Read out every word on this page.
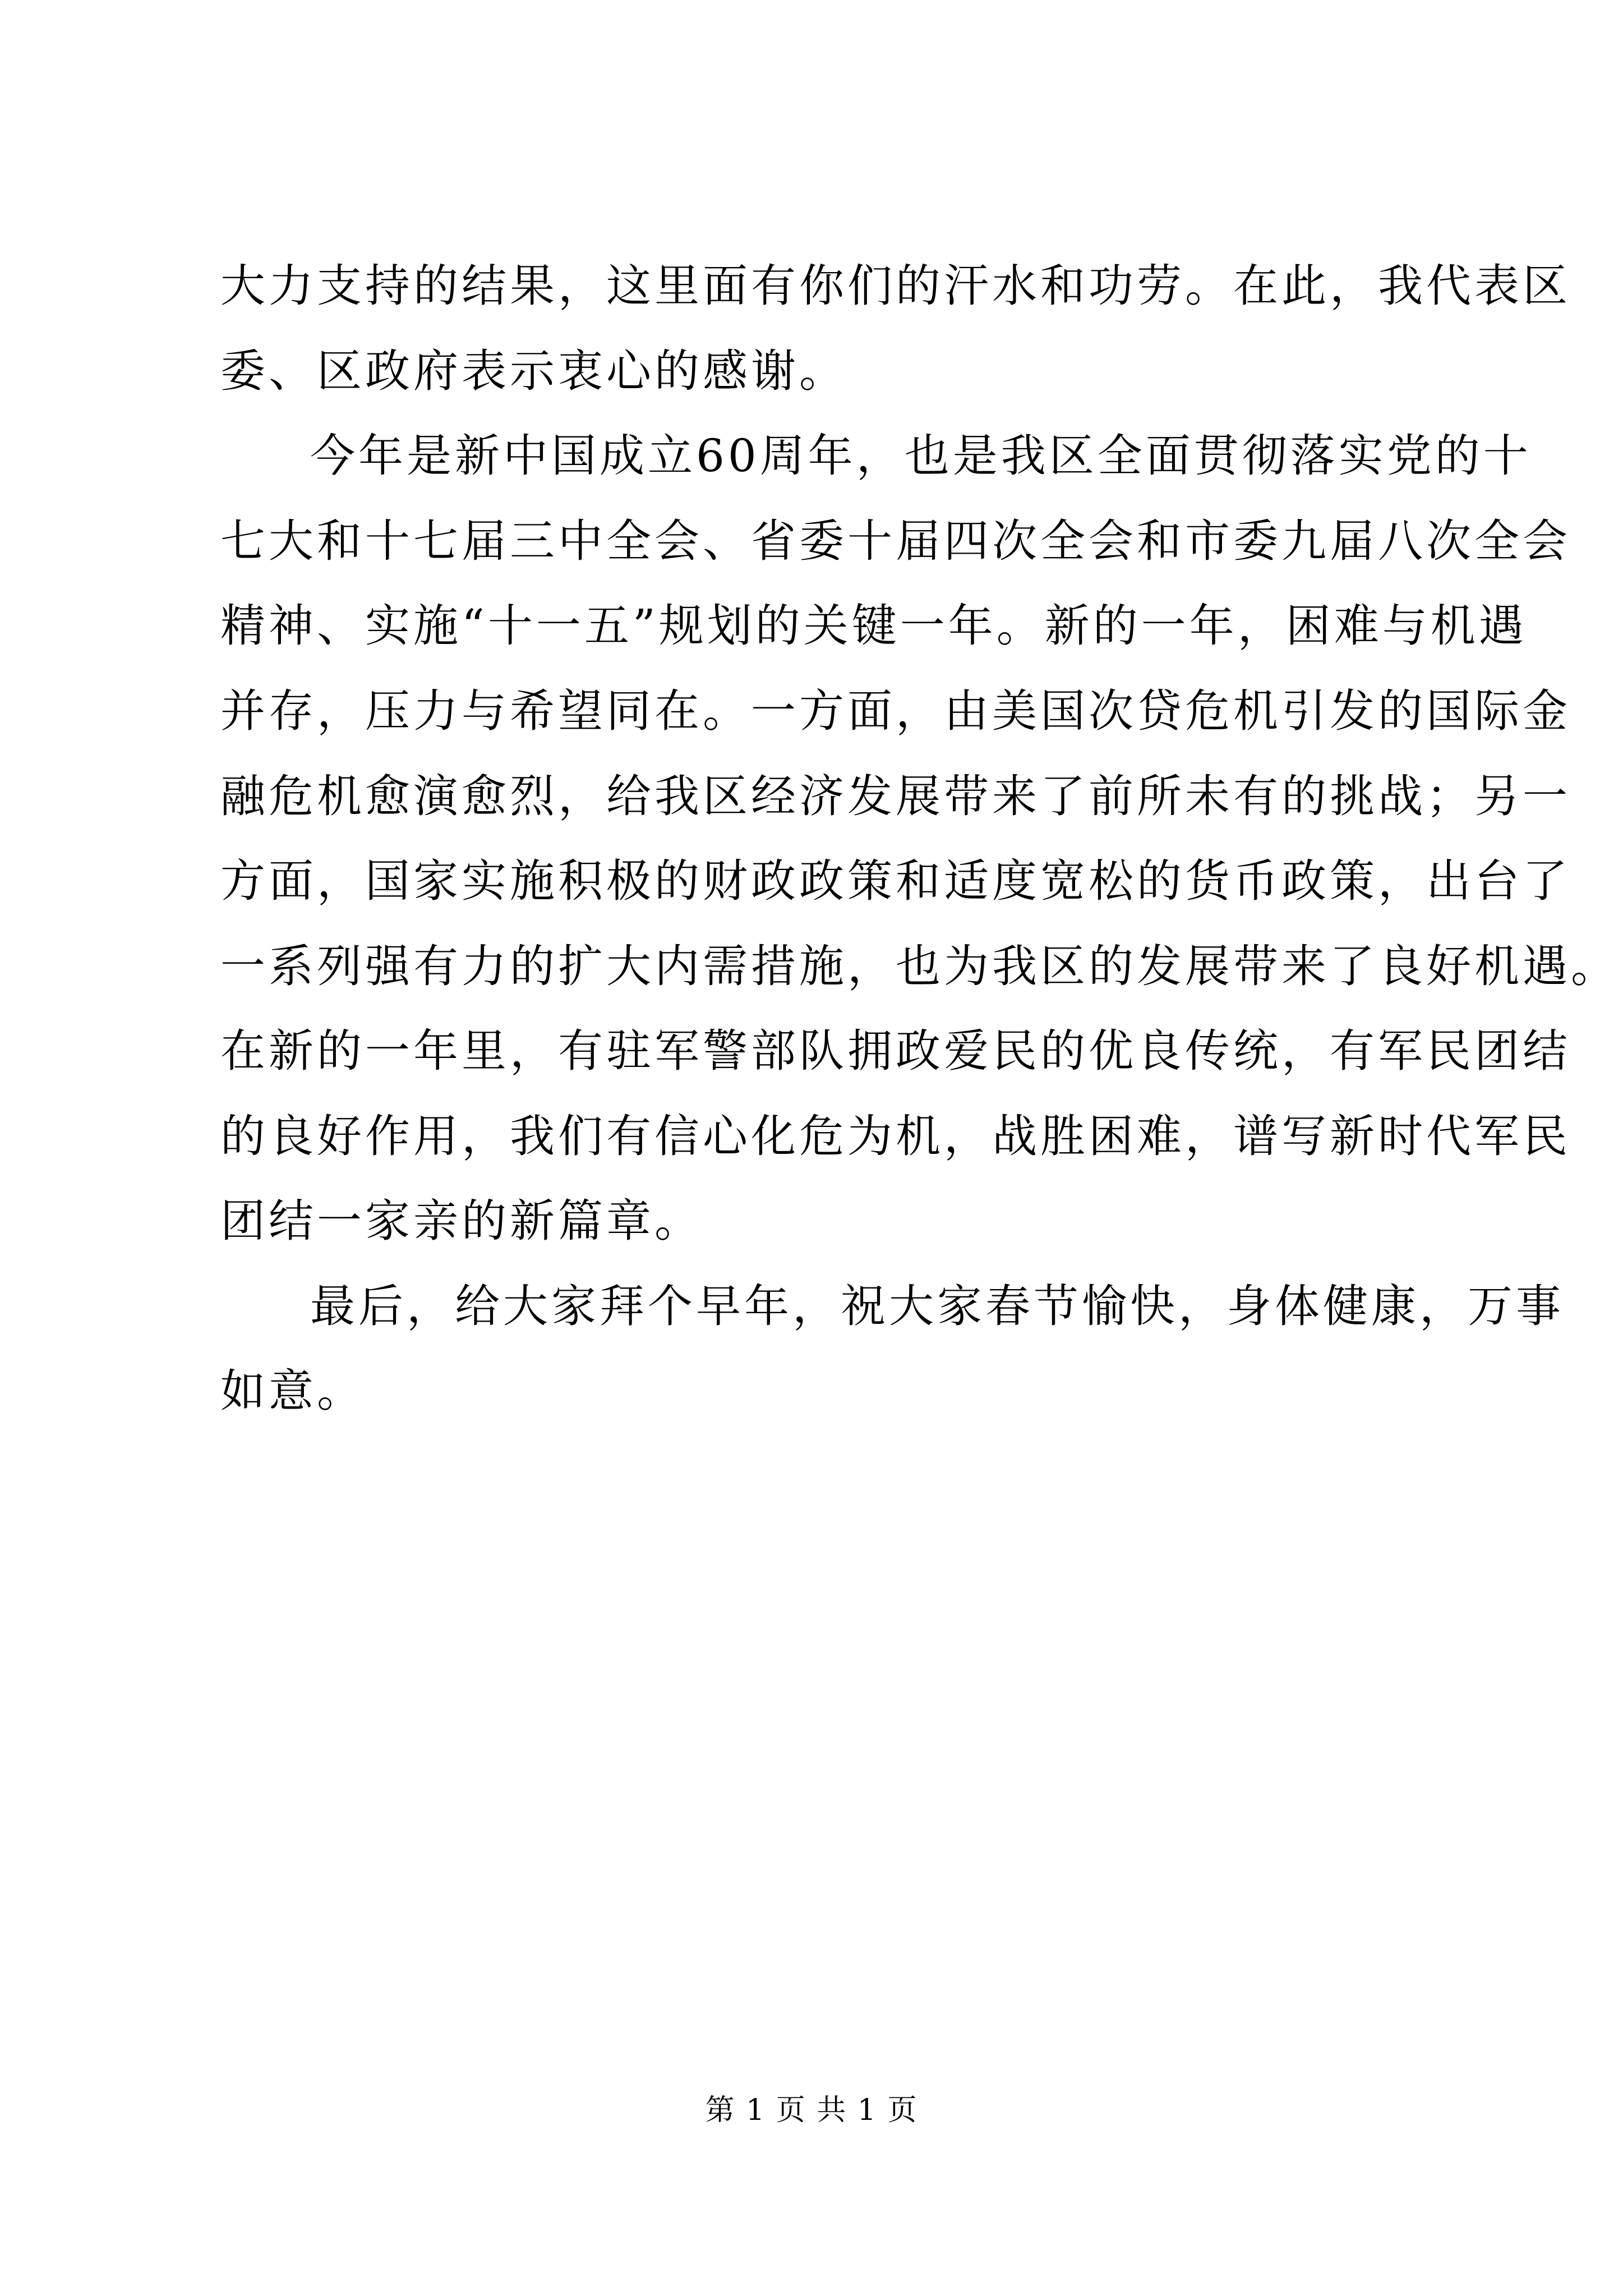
大力支持的结果，这里面有你们的汗水和功劳。在此，我代表区
委、区政府表示衷心的感谢。
今年是新中国成立60周年，也是我区全面贯彻落实党的十
七大和十七届三中全会、省委十届四次全会和市委九届八次全会
精神、实施“十一五”规划的关键一年。新的一年，困难与机遇
并存，压力与希望同在。一方面，由美国次贷危机引发的国际金
融危机愈演愈烈，给我区经济发展带来了前所未有的挑战；另一
方面，国家实施积极的财政政策和适度宽松的货币政策，出台了
一系列强有力的扩大内需措施，也为我区的发展带来了良好机遇。
在新的一年里，有驻军警部队拥政爱民的优良传统，有军民团结
的良好作用，我们有信心化危为机，战胜困难，谱写新时代军民
团结一家亲的新篇章。
最后，给大家拜个早年，祝大家春节愉快，身体健康，万事
如意。
第 1 页 共 1 页
